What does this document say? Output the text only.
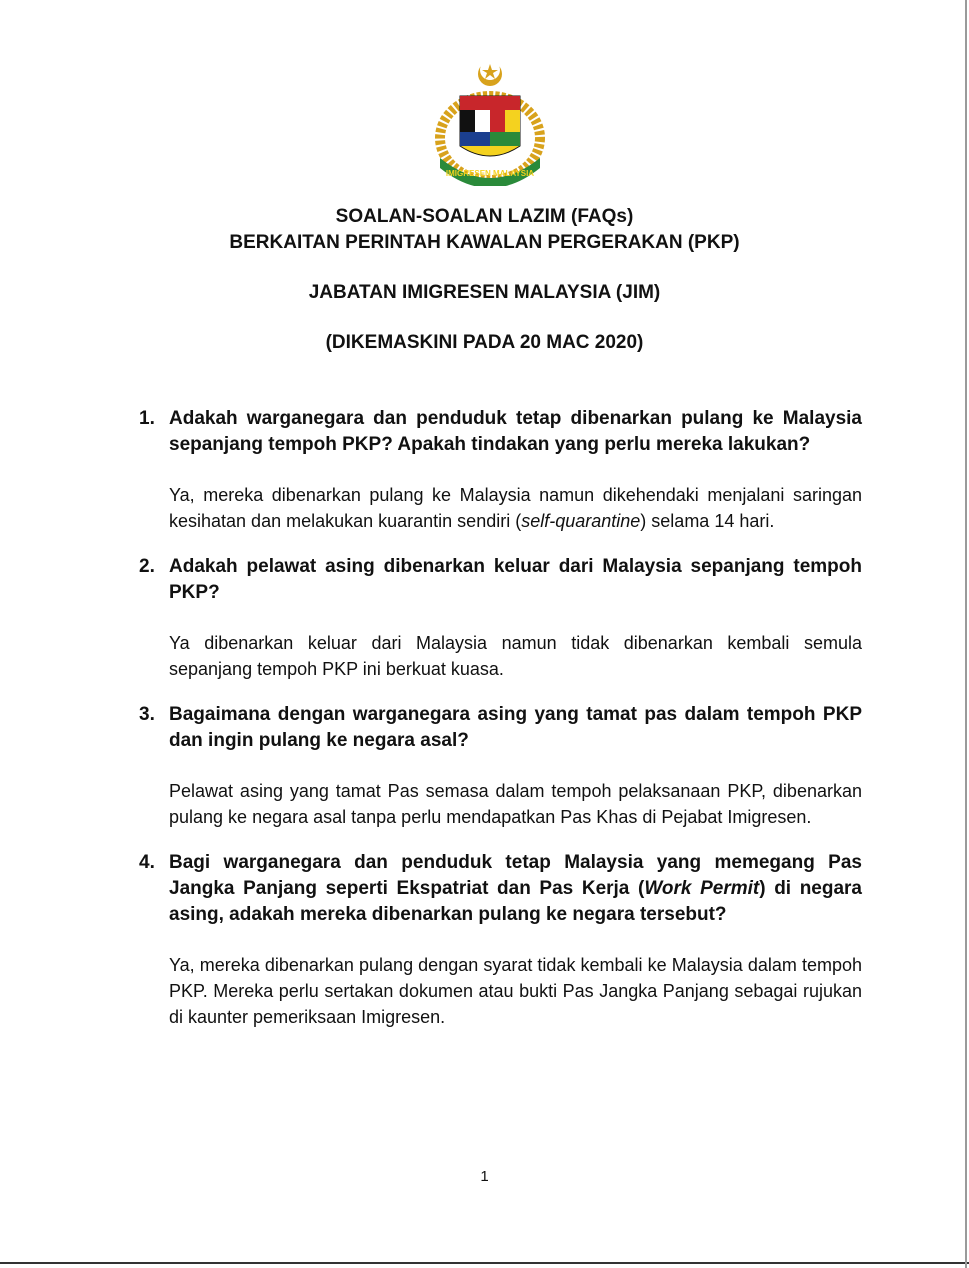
IMIGRESEN MALAYSIA
SOALAN-SOALAN LAZIM (FAQs)
BERKAITAN PERINTAH KAWALAN PERGERAKAN (PKP)
JABATAN IMIGRESEN MALAYSIA (JIM)
(DIKEMASKINI PADA 20 MAC 2020)
1. Adakah warganegara dan penduduk tetap dibenarkan pulang ke Malaysia sepanjang tempoh PKP? Apakah tindakan yang perlu mereka lakukan?
Ya, mereka dibenarkan pulang ke Malaysia namun dikehendaki menjalani saringan kesihatan dan melakukan kuarantin sendiri (self-quarantine) selama 14 hari.
2. Adakah pelawat asing dibenarkan keluar dari Malaysia sepanjang tempoh PKP?
Ya dibenarkan keluar dari Malaysia namun tidak dibenarkan kembali semula sepanjang tempoh PKP ini berkuat kuasa.
3. Bagaimana dengan warganegara asing yang tamat pas dalam tempoh PKP dan ingin pulang ke negara asal?
Pelawat asing yang tamat Pas semasa dalam tempoh pelaksanaan PKP, dibenarkan pulang ke negara asal tanpa perlu mendapatkan Pas Khas di Pejabat Imigresen.
4. Bagi warganegara dan penduduk tetap Malaysia yang memegang Pas Jangka Panjang seperti Ekspatriat dan Pas Kerja (Work Permit) di negara asing, adakah mereka dibenarkan pulang ke negara tersebut?
Ya, mereka dibenarkan pulang dengan syarat tidak kembali ke Malaysia dalam tempoh PKP. Mereka perlu sertakan dokumen atau bukti Pas Jangka Panjang sebagai rujukan di kaunter pemeriksaan Imigresen.
1
